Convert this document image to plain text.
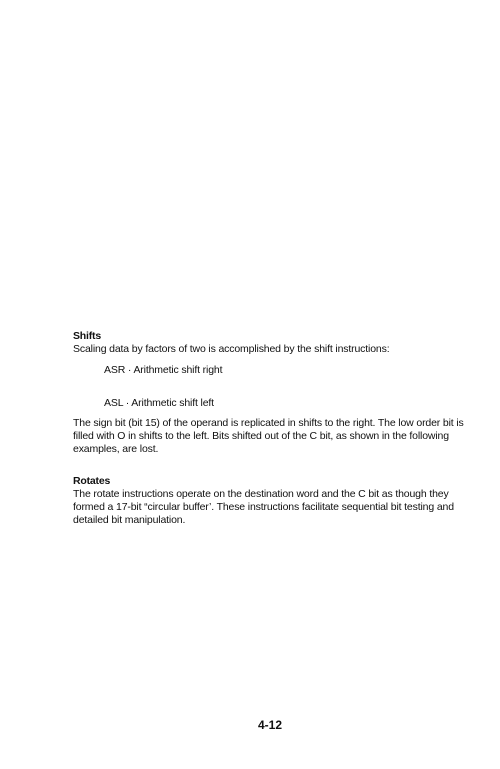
Shifts

Scaling data by factors of two is accomplished by the shift instructions:

ASR · Arithmetic shift right
ASL · Arithmetic shift left

The sign bit (bit 15) of the operand is replicated in shifts to the right. The low order bit is filled with O in shifts to the left. Bits shifted out of the C bit, as shown in the following examples, are lost.

Rotates

The rotate instructions operate on the destination word and the C bit as though they formed a 17-bit “circular buffer’. These instructions facilitate sequential bit testing and detailed bit manipulation.

4-12
